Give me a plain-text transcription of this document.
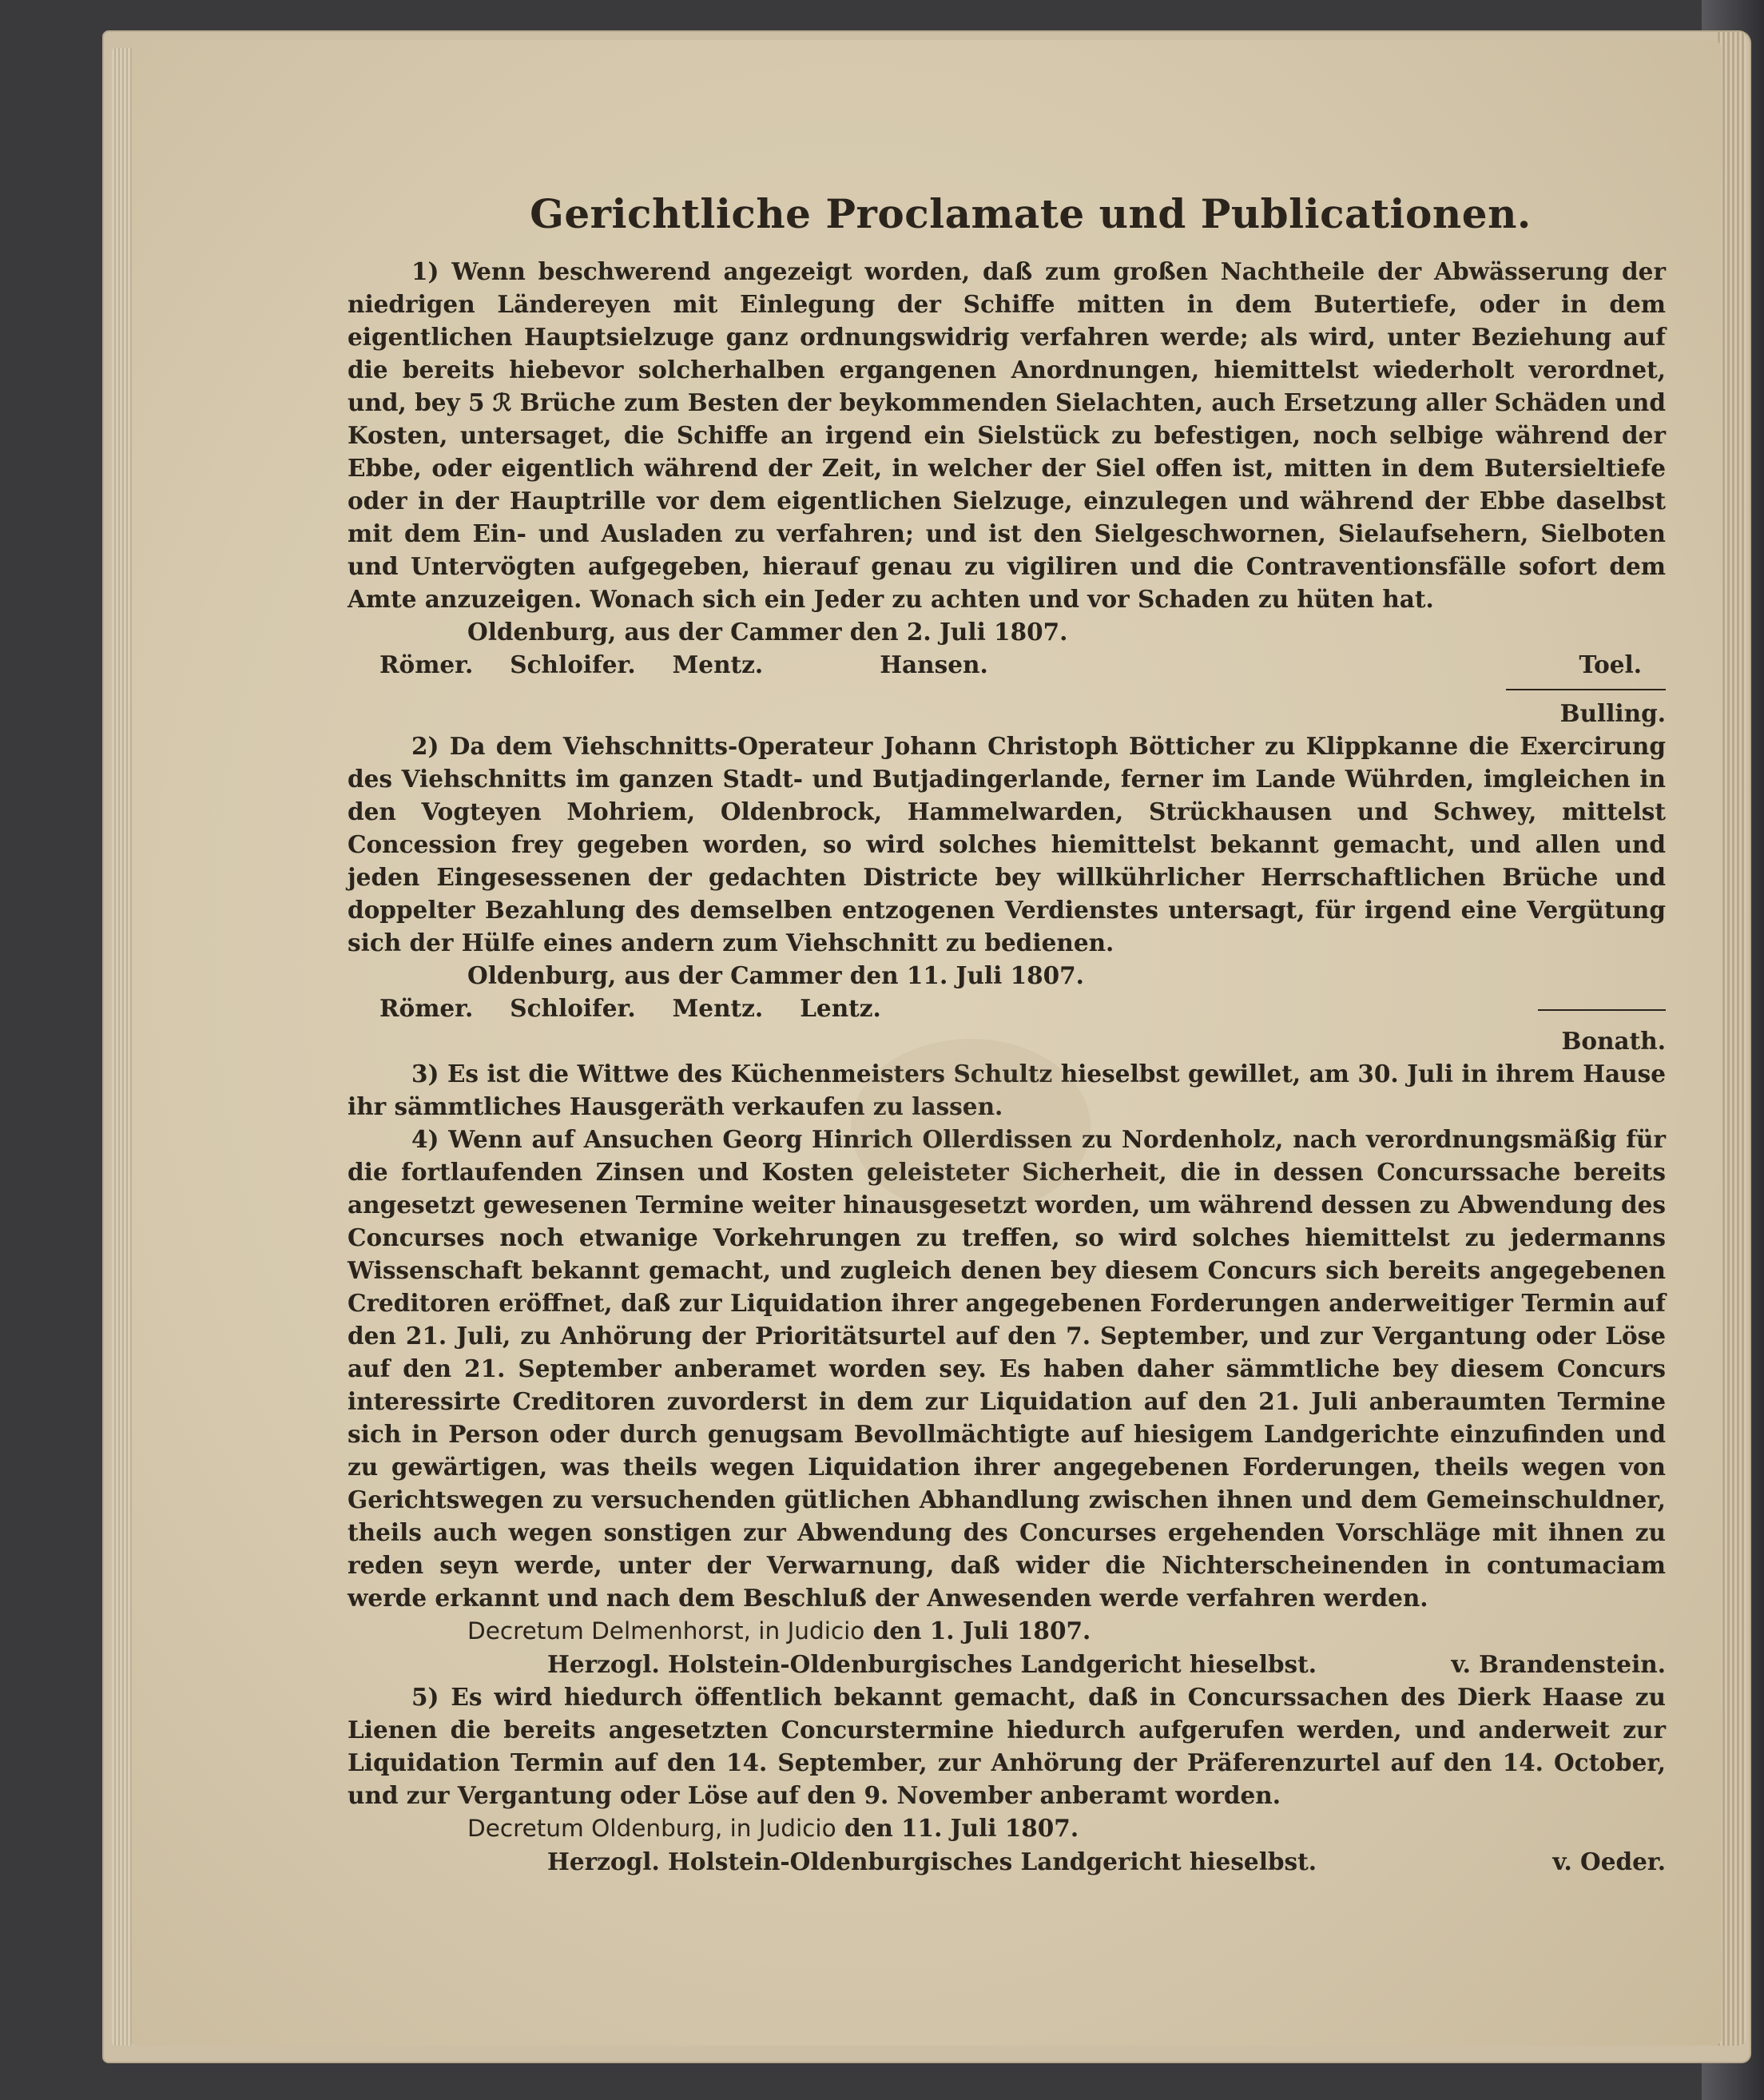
Gerichtliche Proclamate und Publicationen.

1) Wenn beschwerend angezeigt worden, daß zum großen Nachtheile der Abwässerung der niedrigen Ländereyen mit Einlegung der Schiffe mitten in dem Butertiefe, oder in dem eigentlichen Hauptsielzuge ganz ordnungswidrig verfahren werde; als wird, unter Beziehung auf die bereits hiebevor solcherhalben ergangenen Anordnungen, hiemittelst wiederholt verordnet, und, bey 5 ℛ Brüche zum Besten der beykommenden Sielachten, auch Ersetzung aller Schäden und Kosten, untersaget, die Schiffe an irgend ein Sielstück zu befestigen, noch selbige während der Ebbe, oder eigentlich während der Zeit, in welcher der Siel offen ist, mitten in dem Butersieltiefe oder in der Hauptrille vor dem eigentlichen Sielzuge, einzulegen und während der Ebbe daselbst mit dem Ein- und Ausladen zu verfahren; und ist den Sielgeschwornen, Sielaufsehern, Sielboten und Untervögten aufgegeben, hierauf genau zu vigiliren und die Contraventionsfälle sofort dem Amte anzuzeigen. Wonach sich ein Jeder zu achten und vor Schaden zu hüten hat.

Oldenburg, aus der Cammer den 2. Juli 1807.
Römer. Schloifer. Mentz.	Hansen.	Toel.
Bulling.

2) Da dem Viehschnitts-Operateur Johann Christoph Bötticher zu Klippkanne die Exercirung des Viehschnitts im ganzen Stadt- und Butjadingerlande, ferner im Lande Wührden, imgleichen in den Vogteyen Mohriem, Oldenbrock, Hammelwarden, Strückhausen und Schwey, mittelst Concession frey gegeben worden, so wird solches hiemittelst bekannt gemacht, und allen und jeden Eingesessenen der gedachten Districte bey willkührlicher Herrschaftlichen Brüche und doppelter Bezahlung des demselben entzogenen Verdienstes untersagt, für irgend eine Vergütung sich der Hülfe eines andern zum Viehschnitt zu bedienen.

Oldenburg, aus der Cammer den 11. Juli 1807.
Römer. Schloifer. Mentz. Lentz.
Bonath.

3) Es ist die Wittwe des Küchenmeisters Schultz hieselbst gewillet, am 30. Juli in ihrem Hause ihr sämmtliches Hausgeräth verkaufen zu lassen.

4) Wenn auf Ansuchen Georg Hinrich Ollerdissen zu Nordenholz, nach verordnungsmäßig für die fortlaufenden Zinsen und Kosten geleisteter Sicherheit, die in dessen Concurssache bereits angesetzt gewesenen Termine weiter hinausgesetzt worden, um während dessen zu Abwendung des Concurses noch etwanige Vorkehrungen zu treffen, so wird solches hiemittelst zu jedermanns Wissenschaft bekannt gemacht, und zugleich denen bey diesem Concurs sich bereits angegebenen Creditoren eröffnet, daß zur Liquidation ihrer angegebenen Forderungen anderweitiger Termin auf den 21. Juli, zu Anhörung der Prioritätsurtel auf den 7. September, und zur Vergantung oder Löse auf den 21. September anberamet worden sey. Es haben daher sämmtliche bey diesem Concurs interessirte Creditoren zuvorderst in dem zur Liquidation auf den 21. Juli anberaumten Termine sich in Person oder durch genugsam Bevollmächtigte auf hiesigem Landgerichte einzufinden und zu gewärtigen, was theils wegen Liquidation ihrer angegebenen Forderungen, theils wegen von Gerichtswegen zu versuchenden gütlichen Abhandlung zwischen ihnen und dem Gemeinschuldner, theils auch wegen sonstigen zur Abwendung des Concurses ergehenden Vorschläge mit ihnen zu reden seyn werde, unter der Verwarnung, daß wider die Nichterscheinenden in contumaciam werde erkannt und nach dem Beschluß der Anwesenden werde verfahren werden.

Decretum Delmenhorst, in Judicio den 1. Juli 1807.
Herzogl. Holstein-Oldenburgisches Landgericht hieselbst.	v. Brandenstein.

5) Es wird hiedurch öffentlich bekannt gemacht, daß in Concurssachen des Dierk Haase zu Lienen die bereits angesetzten Concurstermine hiedurch aufgerufen werden, und anderweit zur Liquidation Termin auf den 14. September, zur Anhörung der Präferenzurtel auf den 14. October, und zur Vergantung oder Löse auf den 9. November anberamt worden.

Decretum Oldenburg, in Judicio den 11. Juli 1807.
Herzogl. Holstein-Oldenburgisches Landgericht hieselbst.	v. Oeder.
